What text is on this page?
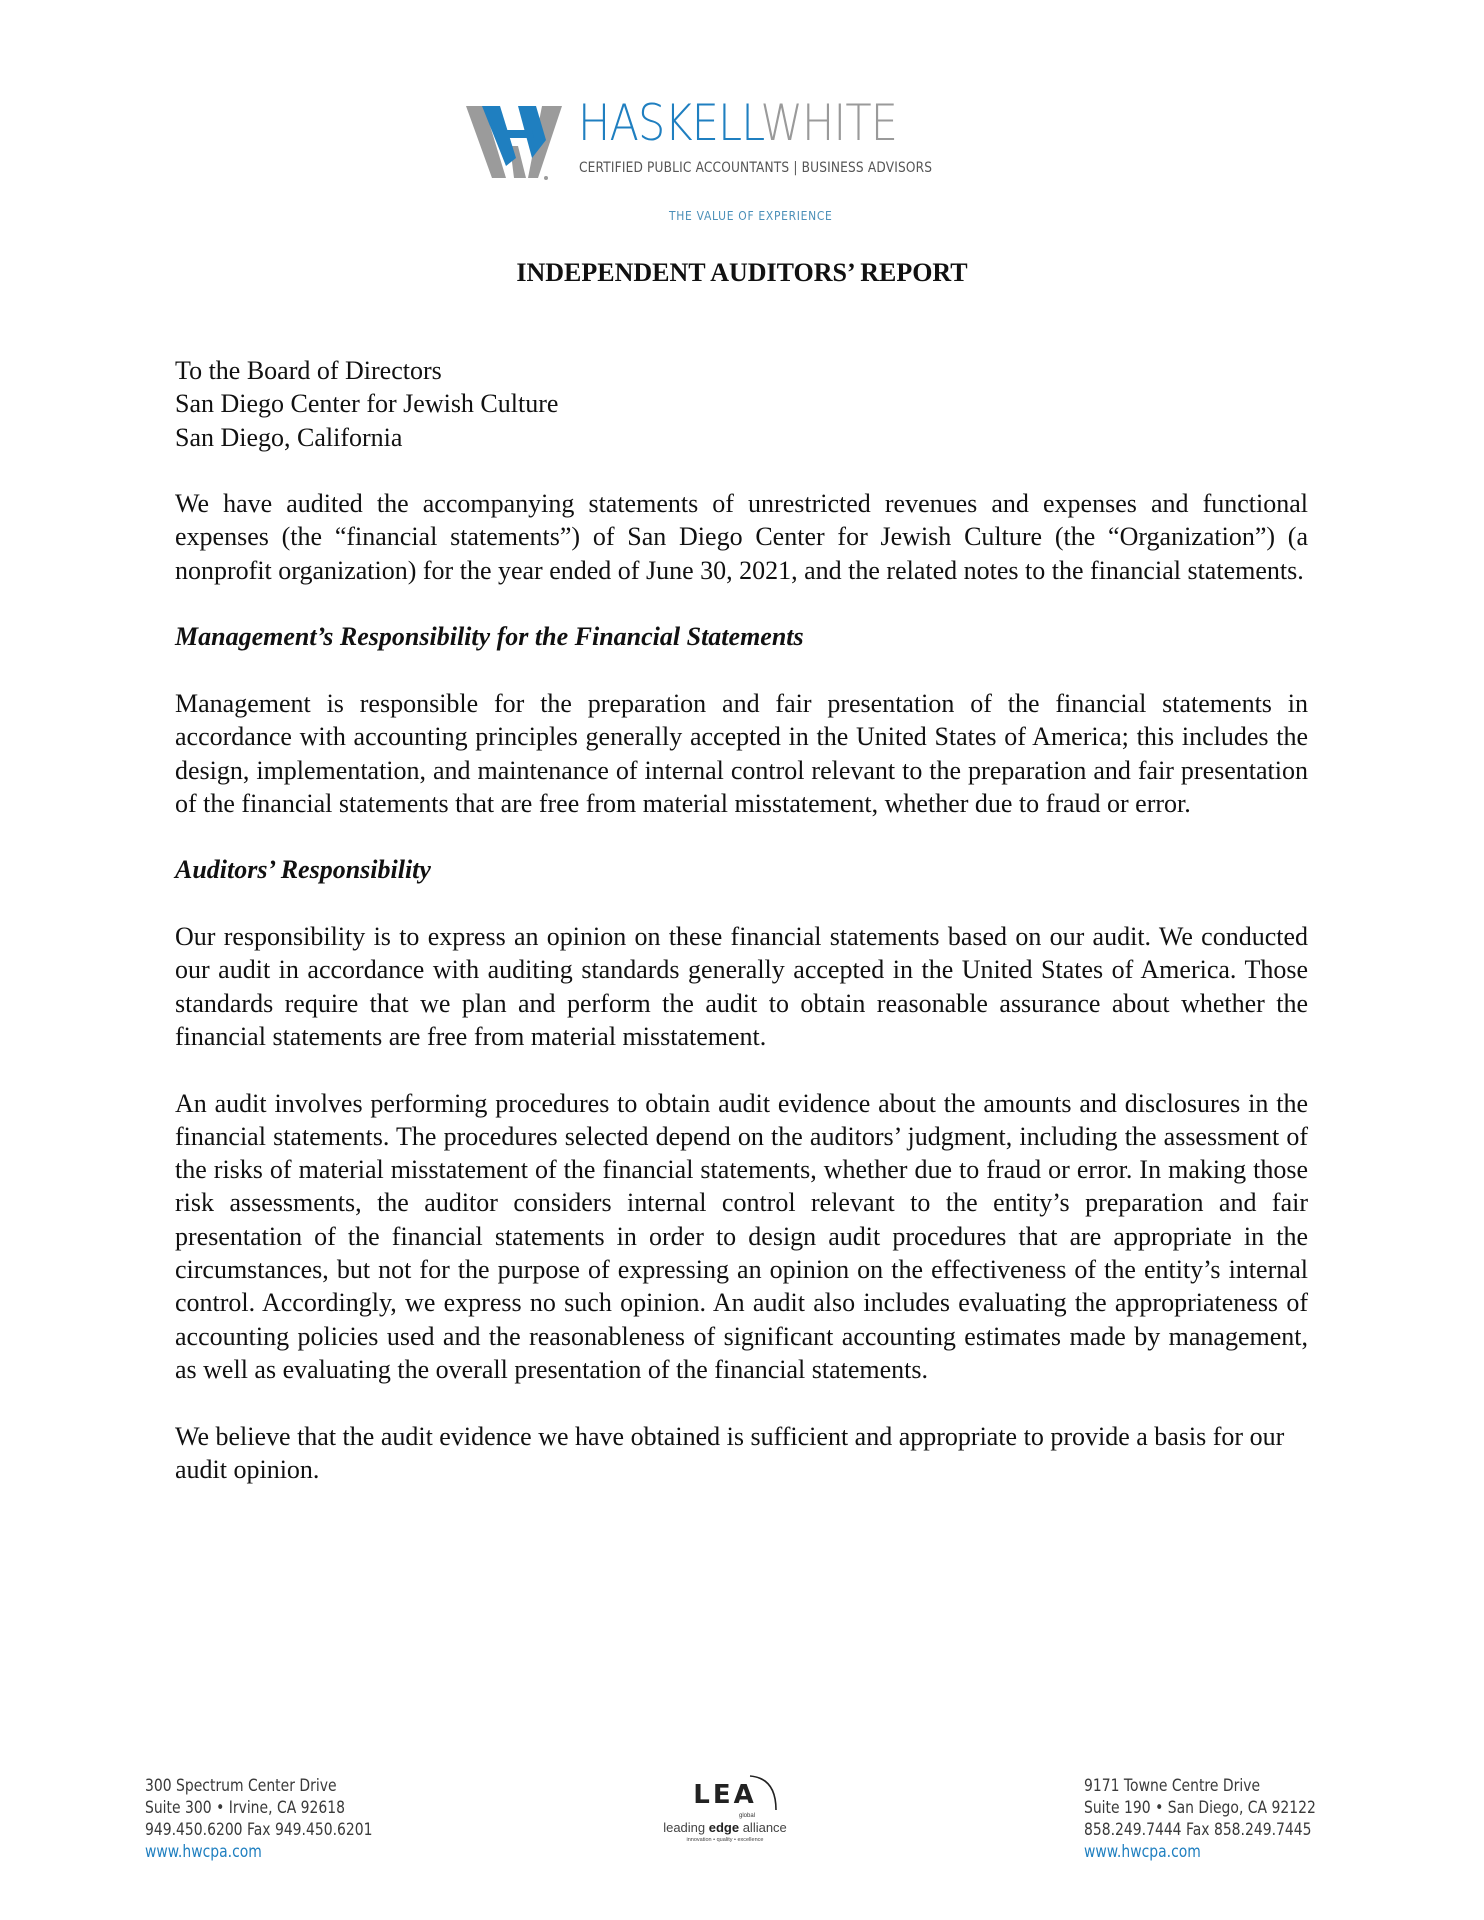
HASKELLWHITE
CERTIFIED PUBLIC ACCOUNTANTS | BUSINESS ADVISORS
THE VALUE OF EXPERIENCE
INDEPENDENT AUDITORS’ REPORT

To the Board of Directors

San Diego Center for Jewish Culture

San Diego, California

We have audited the accompanying statements of unrestricted revenues and expenses and functional expenses (the “financial statements”) of San Diego Center for Jewish Culture (the “Organization”) (a nonprofit organization) for the year ended of June 30, 2021, and the related notes to the financial statements.

Management’s Responsibility for the Financial Statements

Management is responsible for the preparation and fair presentation of the financial statements in accordance with accounting principles generally accepted in the United States of America; this includes the design, implementation, and maintenance of internal control relevant to the preparation and fair presentation of the financial statements that are free from material misstatement, whether due to fraud or error.

Auditors’ Responsibility

Our responsibility is to express an opinion on these financial statements based on our audit. We conducted our audit in accordance with auditing standards generally accepted in the United States of America. Those standards require that we plan and perform the audit to obtain reasonable assurance about whether the financial statements are free from material misstatement.

An audit involves performing procedures to obtain audit evidence about the amounts and disclosures in the financial statements. The procedures selected depend on the auditors’ judgment, including the assessment of the risks of material misstatement of the financial statements, whether due to fraud or error. In making those risk assessments, the auditor considers internal control relevant to the entity’s preparation and fair presentation of the financial statements in order to design audit procedures that are appropriate in the circumstances, but not for the purpose of expressing an opinion on the effectiveness of the entity’s internal control. Accordingly, we express no such opinion. An audit also includes evaluating the appropriateness of accounting policies used and the reasonableness of significant accounting estimates made by management, as well as evaluating the overall presentation of the financial statements.

We believe that the audit evidence we have obtained is sufficient and appropriate to provide a basis for our audit opinion.

300 Spectrum Center Drive
Suite 300 • Irvine, CA 92618
949.450.6200 Fax 949.450.6201
www.hwcpa.com
LEA
global
leading edge alliance
innovation • quality • excellence
9171 Towne Centre Drive
Suite 190 • San Diego, CA 92122
858.249.7444 Fax 858.249.7445
www.hwcpa.com
